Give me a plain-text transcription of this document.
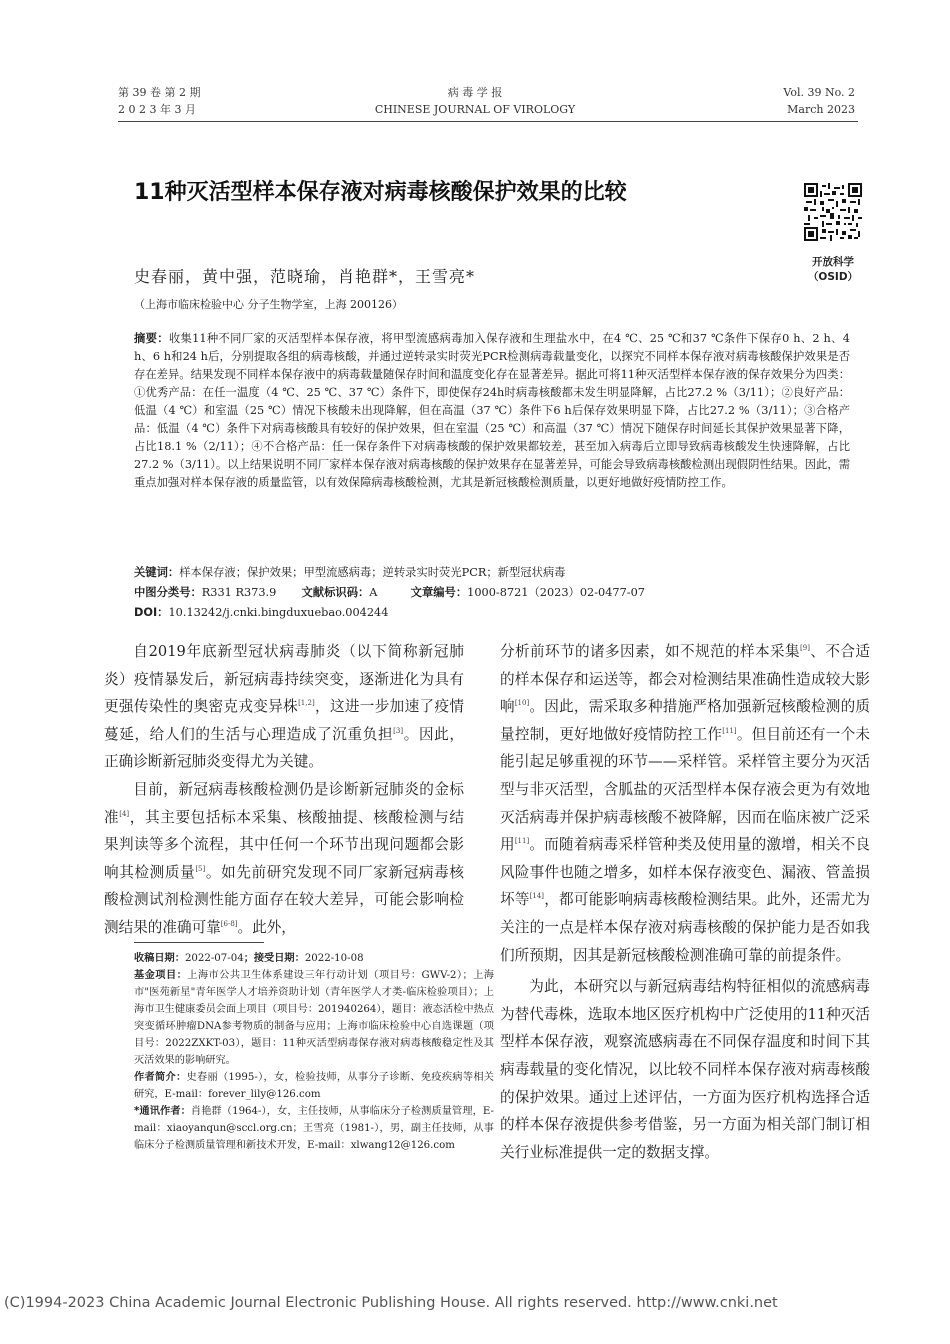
第 39 卷 第 2 期
2 0 2 3 年 3 月
病 毒 学 报
CHINESE JOURNAL OF VIROLOGY
Vol. 39 No. 2
March 2023
11种灭活型样本保存液对病毒核酸保护效果的比较
开放科学
（OSID）
史春丽，黄中强，范晓瑜，肖艳群*，王雪亮*
（上海市临床检验中心 分子生物学室，上海 200126）
摘要：收集11种不同厂家的灭活型样本保存液，将甲型流感病毒加入保存液和生理盐水中，在4 ℃、25 ℃和37 ℃条件下保存0 h、2 h、4 h、6 h和24 h后，分别提取各组的病毒核酸，并通过逆转录实时荧光PCR检测病毒载量变化，以探究不同样本保存液对病毒核酸保护效果是否存在差异。结果发现不同样本保存液中的病毒载量随保存时间和温度变化存在显著差异。据此可将11种灭活型样本保存液的保存效果分为四类：①优秀产品：在任一温度（4 ℃、25 ℃、37 ℃）条件下，即使保存24h时病毒核酸都未发生明显降解，占比27.2 %（3/11）；②良好产品：低温（4 ℃）和室温（25 ℃）情况下核酸未出现降解，但在高温（37 ℃）条件下6 h后保存效果明显下降，占比27.2 %（3/11）；③合格产品：低温（4 ℃）条件下对病毒核酸具有较好的保护效果，但在室温（25 ℃）和高温（37 ℃）情况下随保存时间延长其保护效果显著下降，占比18.1 %（2/11）；④不合格产品：任一保存条件下对病毒核酸的保护效果都较差，甚至加入病毒后立即导致病毒核酸发生快速降解，占比27.2 %（3/11）。以上结果说明不同厂家样本保存液对病毒核酸的保护效果存在显著差异，可能会导致病毒核酸检测出现假阴性结果。因此，需重点加强对样本保存液的质量监管，以有效保障病毒核酸检测，尤其是新冠核酸检测质量，以更好地做好疫情防控工作。
关键词：样本保存液；保护效果；甲型流感病毒；逆转录实时荧光PCR；新型冠状病毒
中图分类号：R331 R373.9 文献标识码：A	文章编号：1000-8721（2023）02-0477-07
DOI：10.13242/j.cnki.bingduxuebao.004244

自2019年底新型冠状病毒肺炎（以下简称新冠肺炎）疫情暴发后，新冠病毒持续突变，逐渐进化为具有更强传染性的奥密克戎变异株[1,2]，这进一步加速了疫情蔓延，给人们的生活与心理造成了沉重负担[3]。因此，正确诊断新冠肺炎变得尤为关键。

目前，新冠病毒核酸检测仍是诊断新冠肺炎的金标准[4]，其主要包括标本采集、核酸抽提、核酸检测与结果判读等多个流程，其中任何一个环节出现问题都会影响其检测质量[5]。如先前研究发现不同厂家新冠病毒核酸检测试剂检测性能方面存在较大差异，可能会影响检测结果的准确可靠[6-8]。此外，

收稿日期：2022-07-04；接受日期：2022-10-08
基金项目：上海市公共卫生体系建设三年行动计划（项目号：GWV-2）；上海市"医苑新星"青年医学人才培养资助计划（青年医学人才类-临床检验项目）；上海市卫生健康委员会面上项目（项目号：201940264），题目：液态活检中热点突变循环肿瘤DNA参考物质的制备与应用；上海市临床检验中心自选课题（项目号：2022ZXKT-03），题目：11种灭活型病毒保存液对病毒核酸稳定性及其灭活效果的影响研究。
作者简介：史春丽（1995-），女，检验技师，从事分子诊断、免疫疾病等相关研究，E-mail：forever_lily@126.com
*通讯作者：肖艳群（1964-），女，主任技师，从事临床分子检测质量管理，E-mail：xiaoyanqun@sccl.org.cn；王雪亮（1981-），男，副主任技师，从事临床分子检测质量管理和新技术开发，E-mail：xlwang12@126.com

分析前环节的诸多因素，如不规范的样本采集[9]、不合适的样本保存和运送等，都会对检测结果准确性造成较大影响[10]。因此，需采取多种措施严格加强新冠核酸检测的质量控制，更好地做好疫情防控工作[11]。但目前还有一个未能引起足够重视的环节——采样管。采样管主要分为灭活型与非灭活型，含胍盐的灭活型样本保存液会更为有效地灭活病毒并保护病毒核酸不被降解，因而在临床被广泛采用[11]。而随着病毒采样管种类及使用量的激增，相关不良风险事件也随之增多，如样本保存液变色、漏液、管盖损坏等[14]，都可能影响病毒核酸检测结果。此外，还需尤为关注的一点是样本保存液对病毒核酸的保护能力是否如我们所预期，因其是新冠核酸检测准确可靠的前提条件。

为此，本研究以与新冠病毒结构特征相似的流感病毒为替代毒株，选取本地区医疗机构中广泛使用的11种灭活型样本保存液，观察流感病毒在不同保存温度和时间下其病毒载量的变化情况，以比较不同样本保存液对病毒核酸的保护效果。通过上述评估，一方面为医疗机构选择合适的样本保存液提供参考借鉴，另一方面为相关部门制订相关行业标准提供一定的数据支撑。

(C)1994-2023 China Academic Journal Electronic Publishing House. All rights reserved. http://www.cnki.net
